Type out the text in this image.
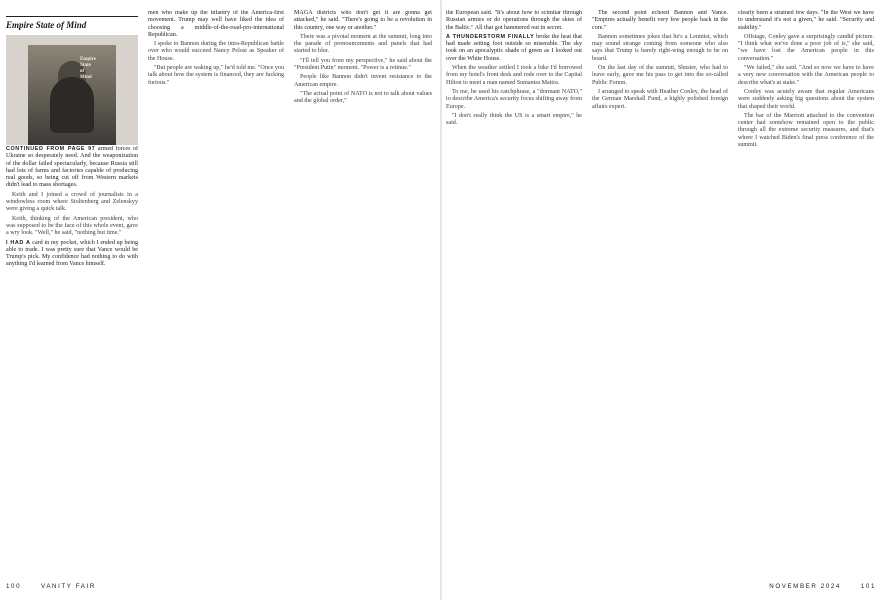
Empire State of Mind
Empire
State
of
Mind

CONTINUED FROM PAGE 97 armed forces of Ukraine so desperately need. And the weaponization of the dollar failed spectacularly, because Russia still had lots of farms and factories capable of producing real goods, so being cut off from Western markets didn't lead to mass shortages.

Keith and I joined a crowd of journalists in a windowless room where Stoltenberg and Zelenskyy were giving a quick talk.

Keith, thinking of the American president, who was supposed to be the face of this whole event, gave a wry look. "Well," he said, "nothing but time."

I HAD A card in my pocket, which I ended up being able to trade. I was pretty sure that Vance would be Trump's pick. My confidence had nothing to do with anything I'd learned from Vance himself.

men who make up the infantry of the America-first movement. Trump may well have liked the idea of choosing a middle-of-the-road-pro-international Republican.

I spoke to Bannon during the intra-Republican battle over who would succeed Nancy Pelosi as Speaker of the House.

"But people are waking up," he'd told me. "Once you talk about how the system is financed, they are fucking furious."

MAGA districts who don't get it are gonna get attacked," he said. "There's going to be a revolution in this country, one way or another."

There was a pivotal moment at the summit, long into the parade of pronouncements and panels that had started to blur.

"I'll tell you from my perspective," he said about the "President Putin" moment. "Power is a retinue."

People like Bannon didn't invent resistance to the American empire.

"The actual point of NATO is not to talk about values and the global order,"

100	VANITY FAIR

the European said. "It's about how to scimitar through Russian armies or do operations through the skies of the Baltic." All that got hammered out in secret.

A THUNDERSTORM FINALLY broke the heat that had made setting foot outside so miserable. The sky took on an apocalyptic shade of green as I looked out over the White House.

When the weather settled I took a bike I'd borrowed from my hotel's front desk and rode over to the Capital Hilton to meet a man named Sumantra Maitra.

To me, he used his catchphrase, a "dormant NATO," to describe America's security focus shifting away from Europe.

"I don't really think the US is a smart empire," he said.

The second point echoed Bannon and Vance. "Empires actually benefit very few people back in the core."

Bannon sometimes jokes that he's a Leninist, which may sound strange coming from someone who also says that Trump is barely right-wing enough to be on board.

On the last day of the summit, Shuster, who had to leave early, gave me his pass to get into the so-called Public Forum.

I arranged to speak with Heather Conley, the head of the German Marshall Fund, a highly polished foreign affairs expert.

clearly been a strained few days. "In the West we have to understand it's not a given," he said. "Security and stability."

Offstage, Conley gave a surprisingly candid picture. "I think what we've done a poor job of is," she said, "we have lost the American people in this conversation."

"We failed," she said. "And so now we have to have a very new conversation with the American people to describe what's at stake."

Conley was acutely aware that regular Americans were suddenly asking big questions about the system that shaped their world.

The bar of the Marriott attached to the convention center had somehow remained open to the public through all the extreme security measures, and that's where I watched Biden's final press conference of the summit.

NOVEMBER 2024	101
